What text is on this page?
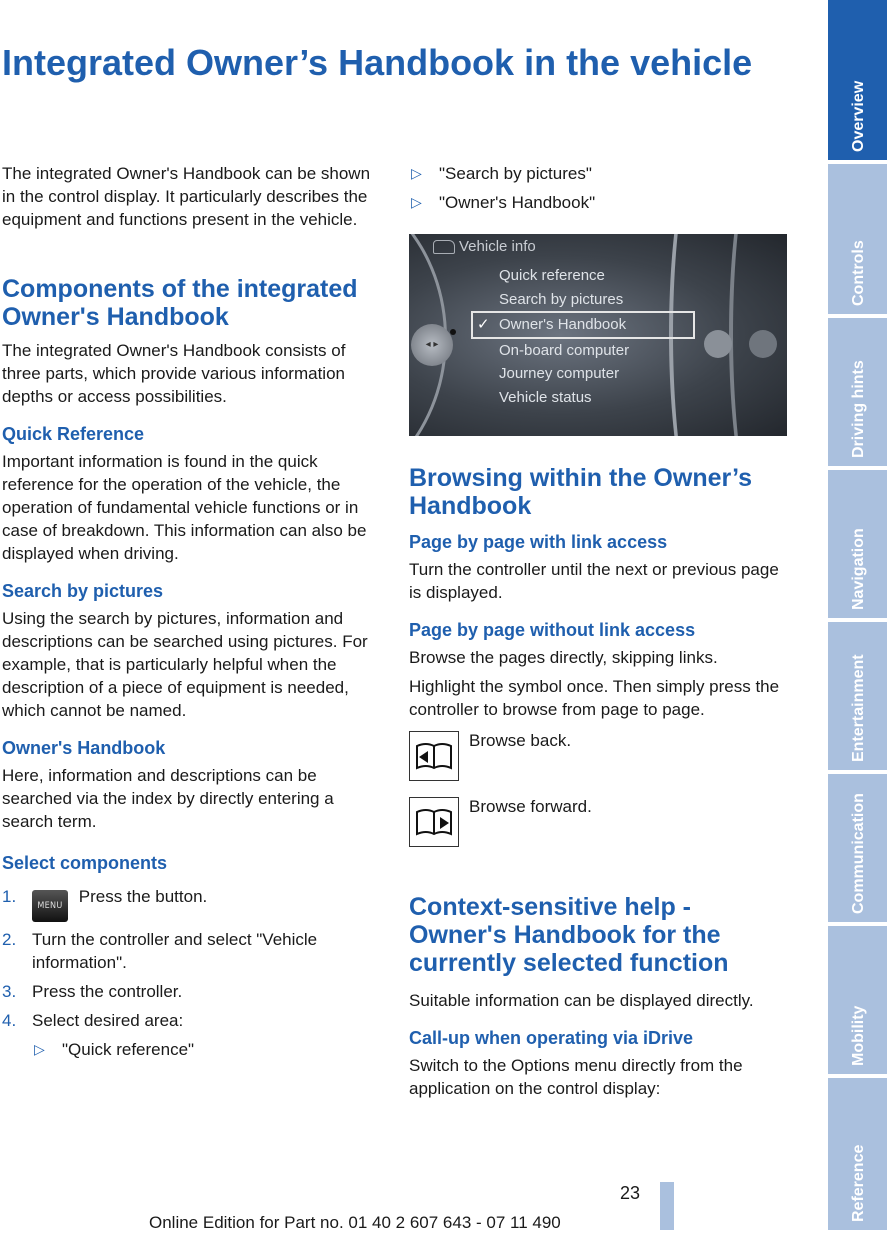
Integrated Owner’s Handbook in the vehicle

The integrated Owner's Handbook can be shown in the control display. It particularly describes the equipment and functions present in the vehicle.

Components of the integrated Owner's Handbook

The integrated Owner's Handbook consists of three parts, which provide various information depths or access possibilities.

Quick Reference

Important information is found in the quick reference for the operation of the vehicle, the operation of fundamental vehicle functions or in case of breakdown. This information can also be displayed when driving.

Search by pictures

Using the search by pictures, information and descriptions can be searched using pictures. For example, that is particularly helpful when the description of a piece of equipment is needed, which cannot be named.

Owner's Handbook

Here, information and descriptions can be searched via the index by directly entering a search term.

Select components
1. MENU Press the button.
2. Turn the controller and select "Vehicle information".
3. Press the controller.
4. Select desired area:
▷ "Quick reference"
▷ "Search by pictures"
▷ "Owner's Handbook"
◂ ▸
Vehicle info
Quick reference
Search by pictures
✓ Owner's Handbook
On-board computer
Journey computer
Vehicle status
Browsing within the Owner’s Handbook
Page by page with link access

Turn the controller until the next or previous page is displayed.

Page by page without link access

Browse the pages directly, skipping links.

Highlight the symbol once. Then simply press the controller to browse from page to page.

Browse back.
Browse forward.
Context-sensitive help - Owner's Handbook for the currently selected function

Suitable information can be displayed directly.

Call-up when operating via iDrive

Switch to the Options menu directly from the application on the control display:

Overview
Controls
Driving hints
Navigation
Entertainment
Communication
Mobility
Reference
23
Online Edition for Part no. 01 40 2 607 643 - 07 11 490
